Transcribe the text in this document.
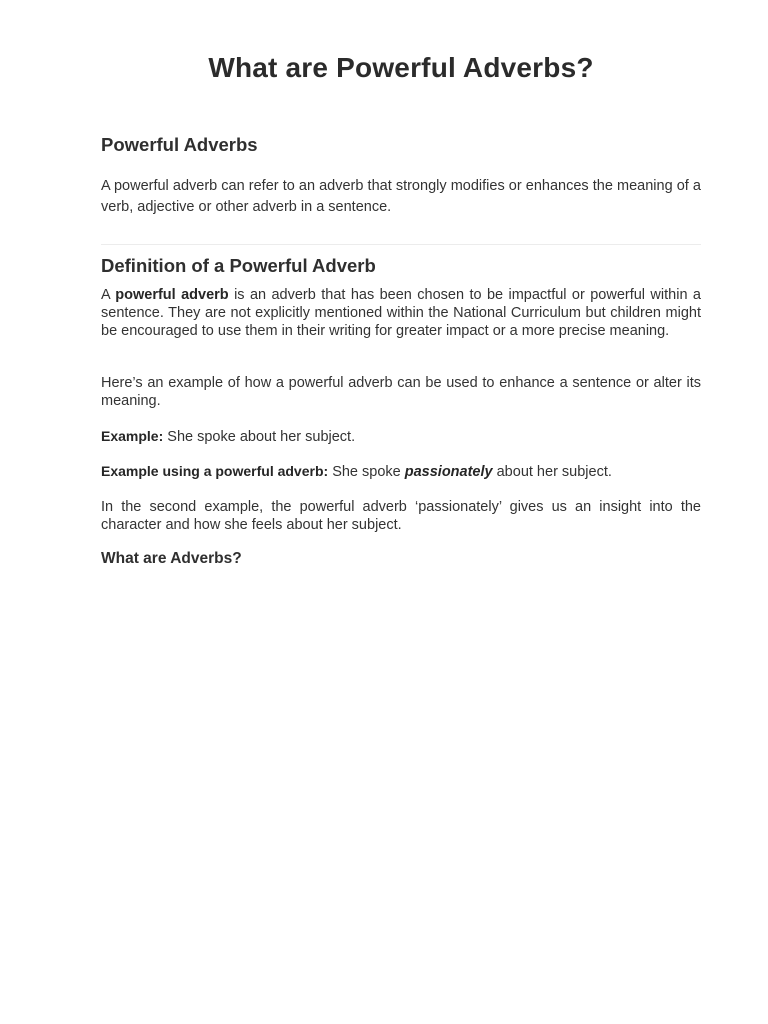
What are Powerful Adverbs?
Powerful Adverbs

A powerful adverb can refer to an adverb that strongly modifies or enhances the meaning of a verb, adjective or other adverb in a sentence.

Definition of a Powerful Adverb

A powerful adverb is an adverb that has been chosen to be impactful or powerful within a sentence. They are not explicitly mentioned within the National Curriculum but children might be encouraged to use them in their writing for greater impact or a more precise meaning.

Here’s an example of how a powerful adverb can be used to enhance a sentence or alter its meaning.

Example: She spoke about her subject.

Example using a powerful adverb: She spoke passionately about her subject.

In the second example, the powerful adverb ‘passionately’ gives us an insight into the character and how she feels about her subject.

What are Adverbs?
